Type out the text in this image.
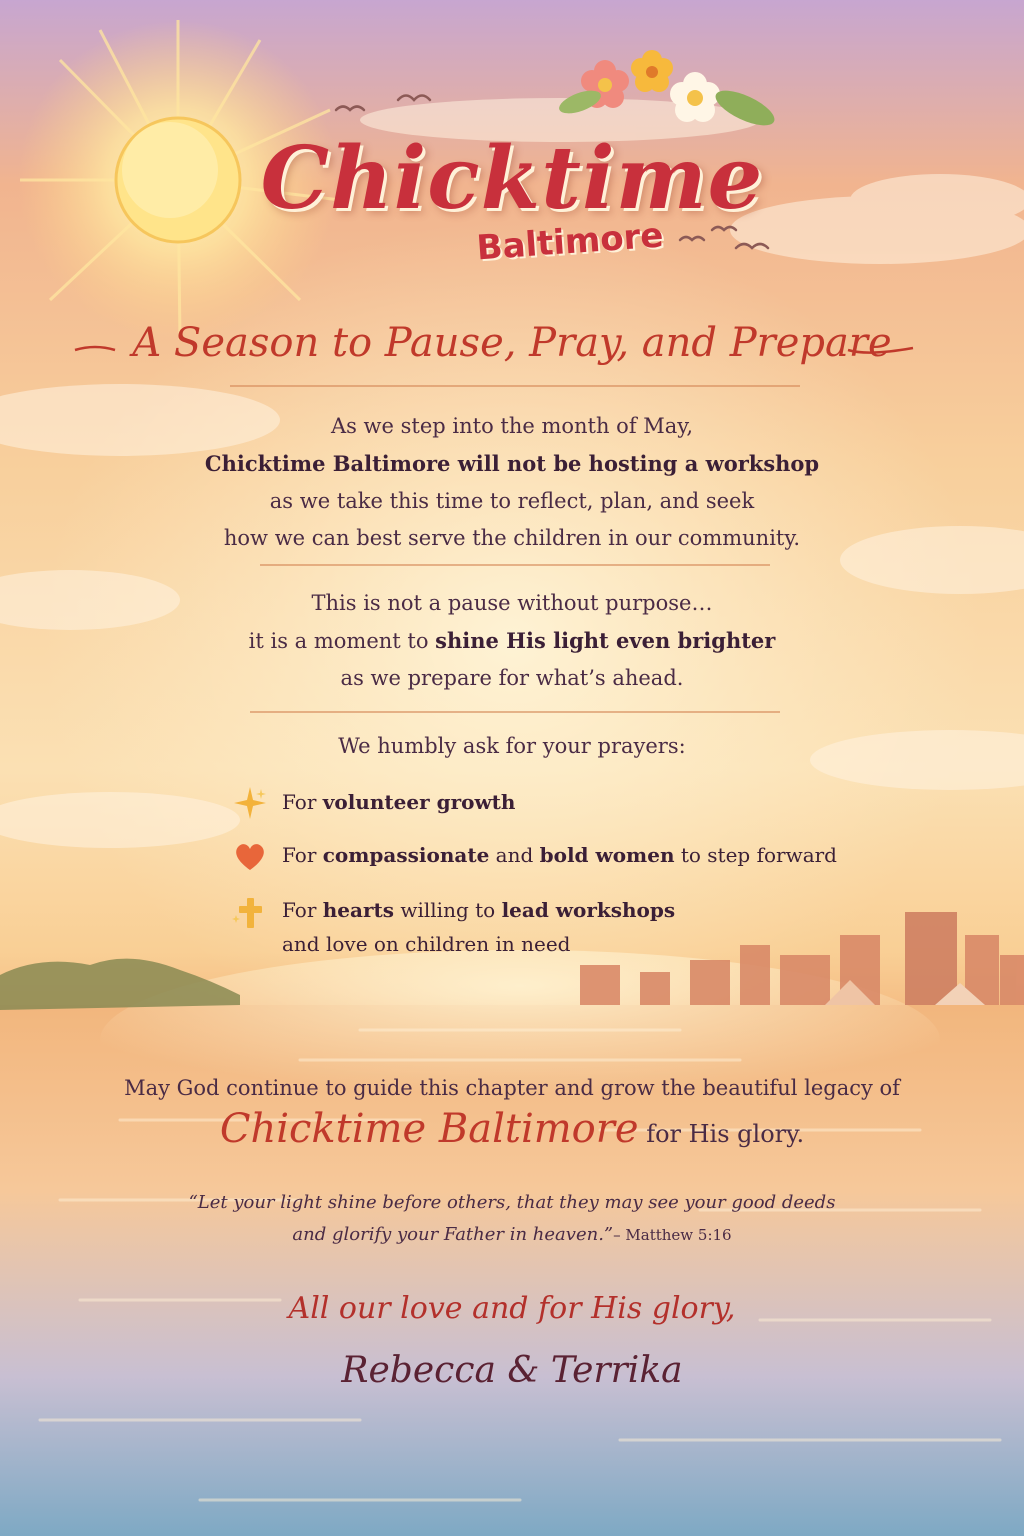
Chicktime
Baltimore
A Season to Pause, Pray, and Prepare
As we step into the month of May,
Chicktime Baltimore will not be hosting a workshop
as we take this time to reflect, plan, and seek
how we can best serve the children in our community.
This is not a pause without purpose…
it is a moment to shine His light even brighter
as we prepare for what’s ahead.
We humbly ask for your prayers:
For volunteer growth
For compassionate and bold women to step forward
For hearts willing to lead workshops
and love on children in need
May God continue to guide this chapter and grow the beautiful legacy of
Chicktime Baltimore for His glory.
“Let your light shine before others, that they may see your good deeds
and glorify your Father in heaven.”– Matthew 5:16
All our love and for His glory,
Rebecca & Terrika
